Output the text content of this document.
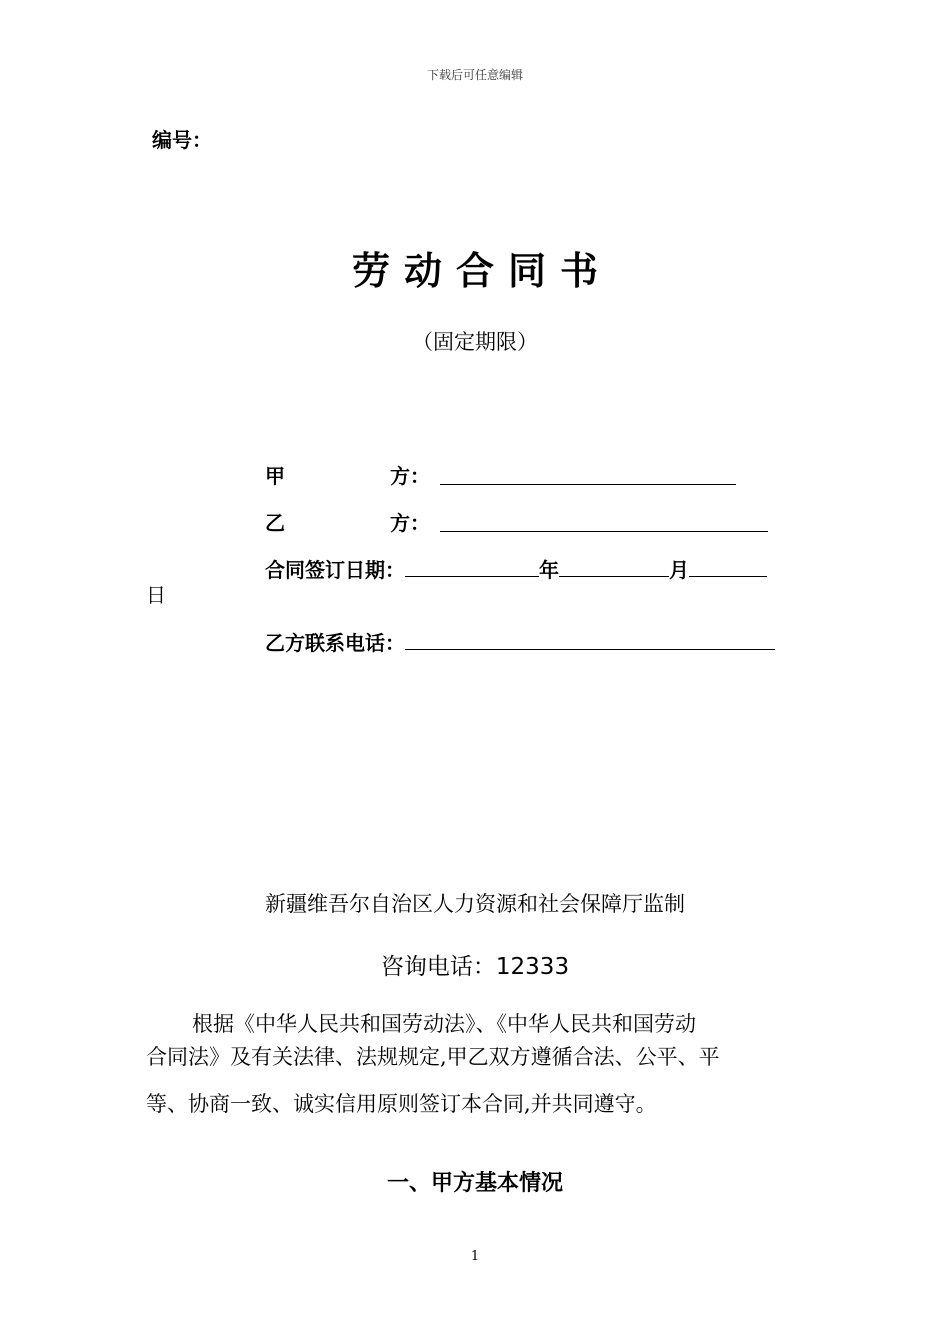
下载后可任意编辑
编号：
劳动合同书
（固定期限）
甲	方：
乙	方：
合同签订日期：	年	月
日
乙方联系电话：
新疆维吾尔自治区人力资源和社会保障厅监制
咨询电话：12333

根据《中华人民共和国劳动法》、《中华人民共和国劳动

合同法》及有关法律、法规规定,甲乙双方遵循合法、公平、平

等、协商一致、诚实信用原则签订本合同,并共同遵守。

一、甲方基本情况
1
